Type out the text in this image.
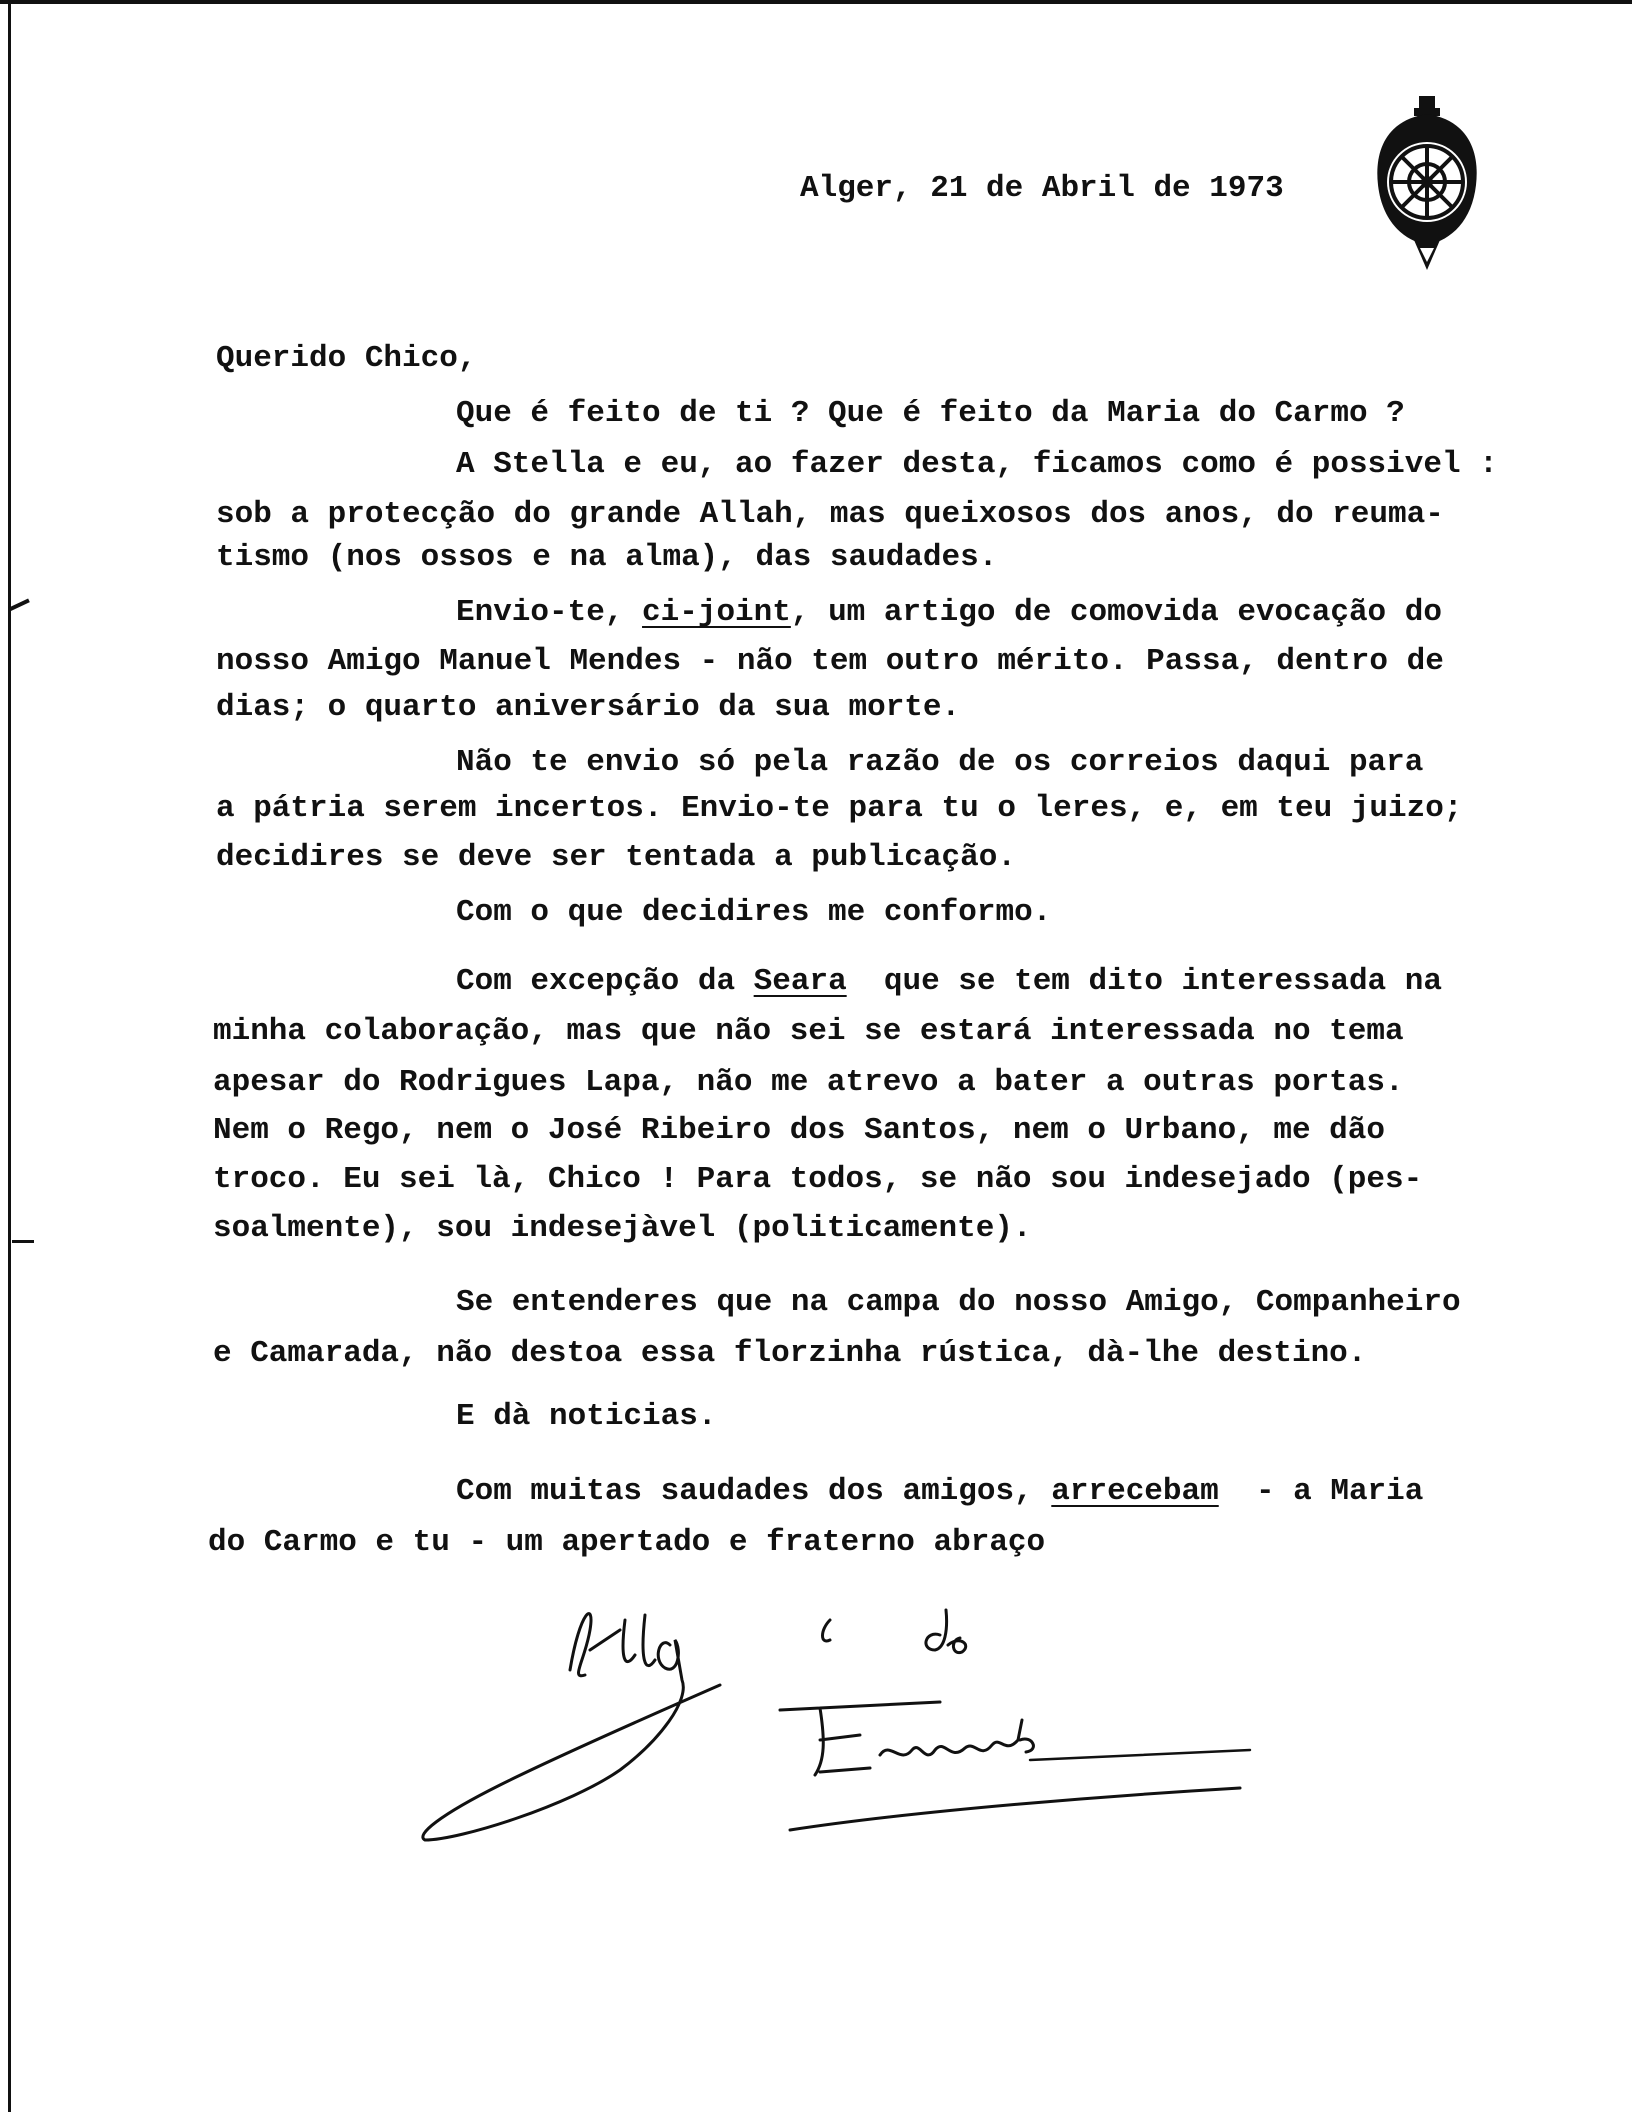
Alger, 21 de Abril de 1973
Querido Chico,
Que é feito de ti ? Que é feito da Maria do Carmo ?
A Stella e eu, ao fazer desta, ficamos como é possivel :
sob a protecção do grande Allah, mas queixosos dos anos, do reuma-
tismo (nos ossos e na alma), das saudades.
Envio-te, ci-joint, um artigo de comovida evocação do
nosso Amigo Manuel Mendes - não tem outro mérito. Passa, dentro de
dias; o quarto aniversário da sua morte.
Não te envio só pela razão de os correios daqui para
a pátria serem incertos. Envio-te para tu o leres, e, em teu juizo;
decidires se deve ser tentada a publicação.
Com o que decidires me conformo.
Com excepção da Seara  que se tem dito interessada na
minha colaboração, mas que não sei se estará interessada no tema
apesar do Rodrigues Lapa, não me atrevo a bater a outras portas.
Nem o Rego, nem o José Ribeiro dos Santos, nem o Urbano, me dão
troco. Eu sei là, Chico ! Para todos, se não sou indesejado (pes-
soalmente), sou indesejàvel (politicamente).
Se entenderes que na campa do nosso Amigo, Companheiro
e Camarada, não destoa essa florzinha rústica, dà-lhe destino.
E dà noticias.
Com muitas saudades dos amigos, arrecebam  - a Maria
do Carmo e tu - um apertado e fraterno abraço
da
